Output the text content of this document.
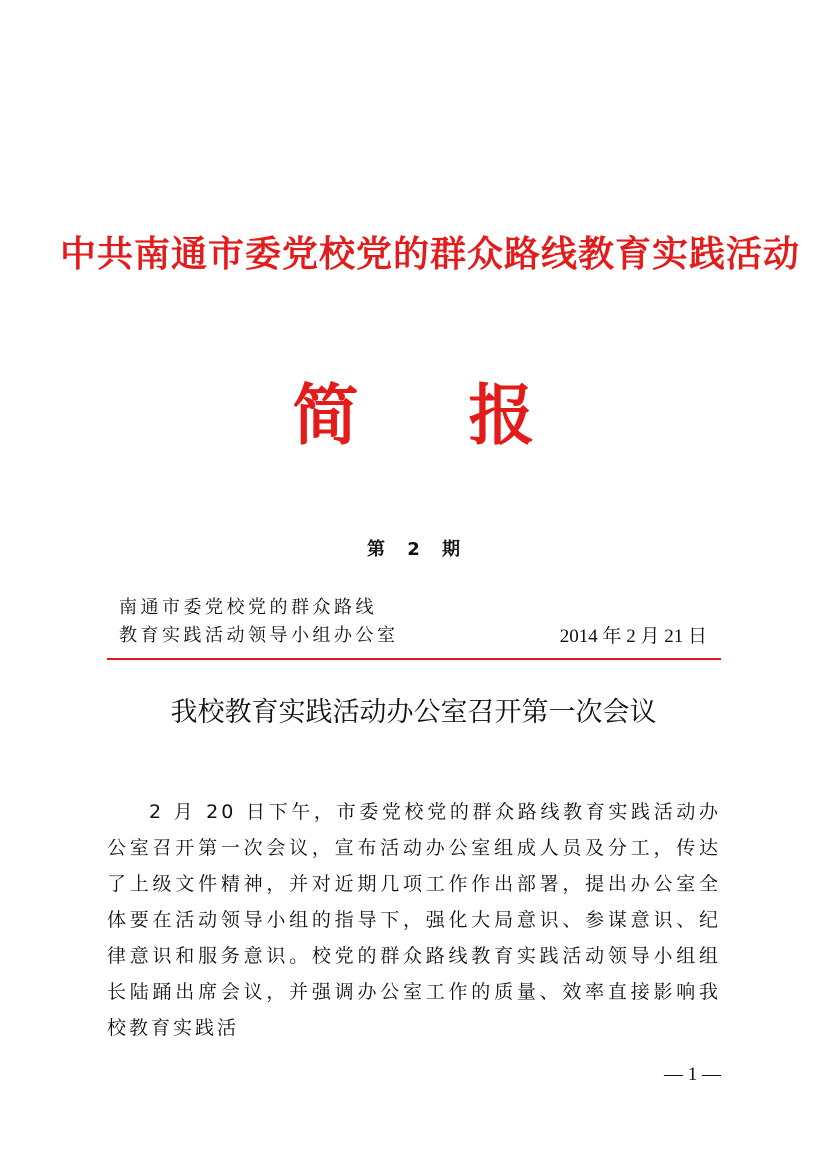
中共南通市委党校党的群众路线教育实践活动
简报
第 2 期
南通市委党校党的群众路线
教育实践活动领导小组办公室	2014 年 2 月 21 日
我校教育实践活动办公室召开第一次会议

2 月 20 日下午，市委党校党的群众路线教育实践活动办公室召开第一次会议，宣布活动办公室组成人员及分工，传达了上级文件精神，并对近期几项工作作出部署，提出办公室全体要在活动领导小组的指导下，强化大局意识、参谋意识、纪律意识和服务意识。校党的群众路线教育实践活动领导小组组长陆踊出席会议，并强调办公室工作的质量、效率直接影响我校教育实践活

— 1 —
